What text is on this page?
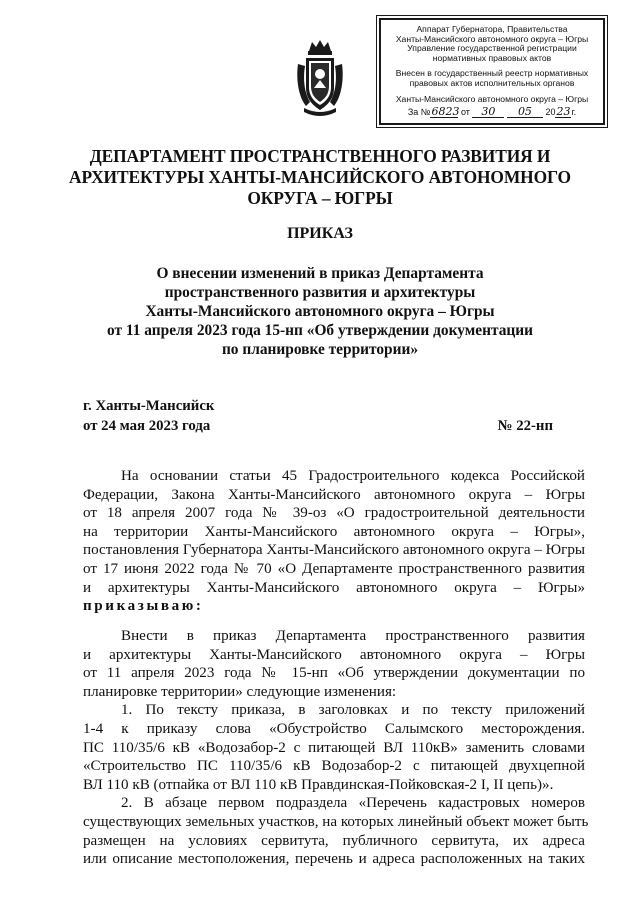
Аппарат Губернатора, Правительства
Ханты-Мансийского автономного округа – Югры
Управление государственной регистрации
нормативных правовых актов
Внесен в государственный реестр нормативных
правовых актов исполнительных органов
Ханты-Мансийского автономного округа – Югры
За №6823 от 30 05 2023г.
ДЕПАРТАМЕНТ ПРОСТРАНСТВЕННОГО РАЗВИТИЯ И
АРХИТЕКТУРЫ ХАНТЫ-МАНСИЙСКОГО АВТОНОМНОГО
ОКРУГА – ЮГРЫ
ПРИКАЗ
О внесении изменений в приказ Департамента
пространственного развития и архитектуры
Ханты-Мансийского автономного округа – Югры
от 11 апреля 2023 года 15-нп «Об утверждении документации
по планировке территории»
г. Ханты-Мансийск
от 24 мая 2023 года	№ 22-нп
На основании статьи 45 Градостроительного кодекса Российской
Федерации, Закона Ханты-Мансийского автономного округа – Югры
от 18 апреля 2007 года № 39-оз «О градостроительной деятельности
на территории Ханты-Мансийского автономного округа – Югры»,
постановления Губернатора Ханты-Мансийского автономного округа – Югры
от 17 июня 2022 года № 70 «О Департаменте пространственного развития
и архитектуры Ханты-Мансийского автономного округа – Югры»
приказываю:
Внести в приказ Департамента пространственного развития
и архитектуры Ханты-Мансийского автономного округа – Югры
от 11 апреля 2023 года № 15-нп «Об утверждении документации по
планировке территории» следующие изменения:
1. По тексту приказа, в заголовках и по тексту приложений
1-4 к приказу слова «Обустройство Салымского месторождения.
ПС 110/35/6 кВ «Водозабор-2 с питающей ВЛ 110кВ» заменить словами
«Строительство ПС 110/35/6 кВ Водозабор-2 с питающей двухцепной
ВЛ 110 кВ (отпайка от ВЛ 110 кВ Правдинская-Пойковская-2 I, II цепь)».
2. В абзаце первом подраздела «Перечень кадастровых номеров
существующих земельных участков, на которых линейный объект может быть
размещен на условиях сервитута, публичного сервитута, их адреса
или описание местоположения, перечень и адреса расположенных на таких
